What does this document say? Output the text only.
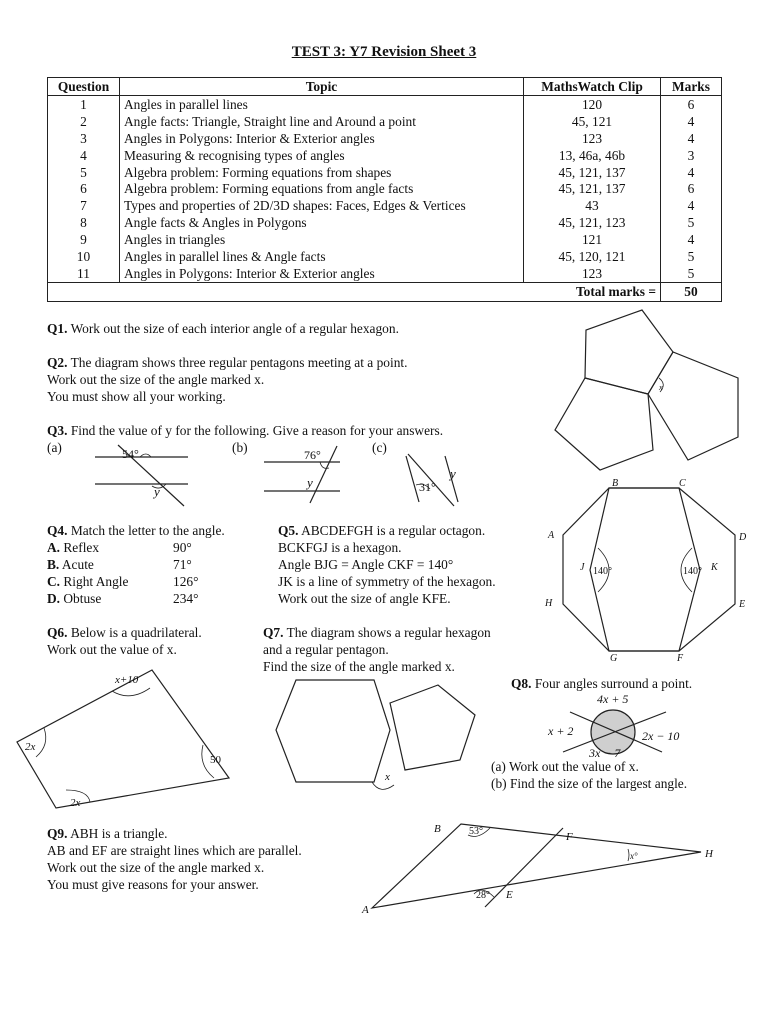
TEST 3: Y7 Revision Sheet 3
Question	Topic	MathsWatch Clip	Marks
1	Angles in parallel lines	120	6
2	Angle facts: Triangle, Straight line and Around a point	45, 121	4
3	Angles in Polygons: Interior & Exterior angles	123	4
4	Measuring & recognising types of angles	13, 46a, 46b	3
5	Algebra problem: Forming equations from shapes	45, 121, 137	4
6	Algebra problem: Forming equations from angle facts	45, 121, 137	6
7	Types and properties of 2D/3D shapes: Faces, Edges & Vertices	43	4
8	Angle facts & Angles in Polygons	45, 121, 123	5
9	Angles in triangles	121	4
10	Angles in parallel lines & Angle facts	45, 120, 121	5
11	Angles in Polygons: Interior & Exterior angles	123	5
Total marks =			50
Q1. Work out the size of each interior angle of a regular hexagon.
Q2. The diagram shows three regular pentagons meeting at a point.
Work out the size of the angle marked x.
You must show all your working.
Q3. Find the value of y for the following. Give a reason for your answers.
(a)	(b)	(c)
Q4. Match the letter to the angle.
A. Reflex	90°
B. Acute	71°
C. Right Angle	126°
D. Obtuse	234°
Q5. ABCDEFGH is a regular octagon.
BCKFGJ is a hexagon.
Angle BJG = Angle CKF = 140°
JK is a line of symmetry of the hexagon.
Work out the size of angle KFE.
Q6. Below is a quadrilateral.
Work out the value of x.
Q7. The diagram shows a regular hexagon
and a regular pentagon.
Find the size of the angle marked x.
Q8. Four angles surround a point.
(a) Work out the value of x.
(b) Find the size of the largest angle.
Q9. ABH is a triangle.
AB and EF are straight lines which are parallel.
Work out the size of the angle marked x.
You must give reasons for your answer.
x
54°
y
76°
y	31°
y
A
B	C
D
E
F
G
H
J	K
140°	140°
x+10
2x
2x
50
x
4x + 5
x + 2	2x − 10
3x − 7
A
B
E
F
H
53°
28°
x°
